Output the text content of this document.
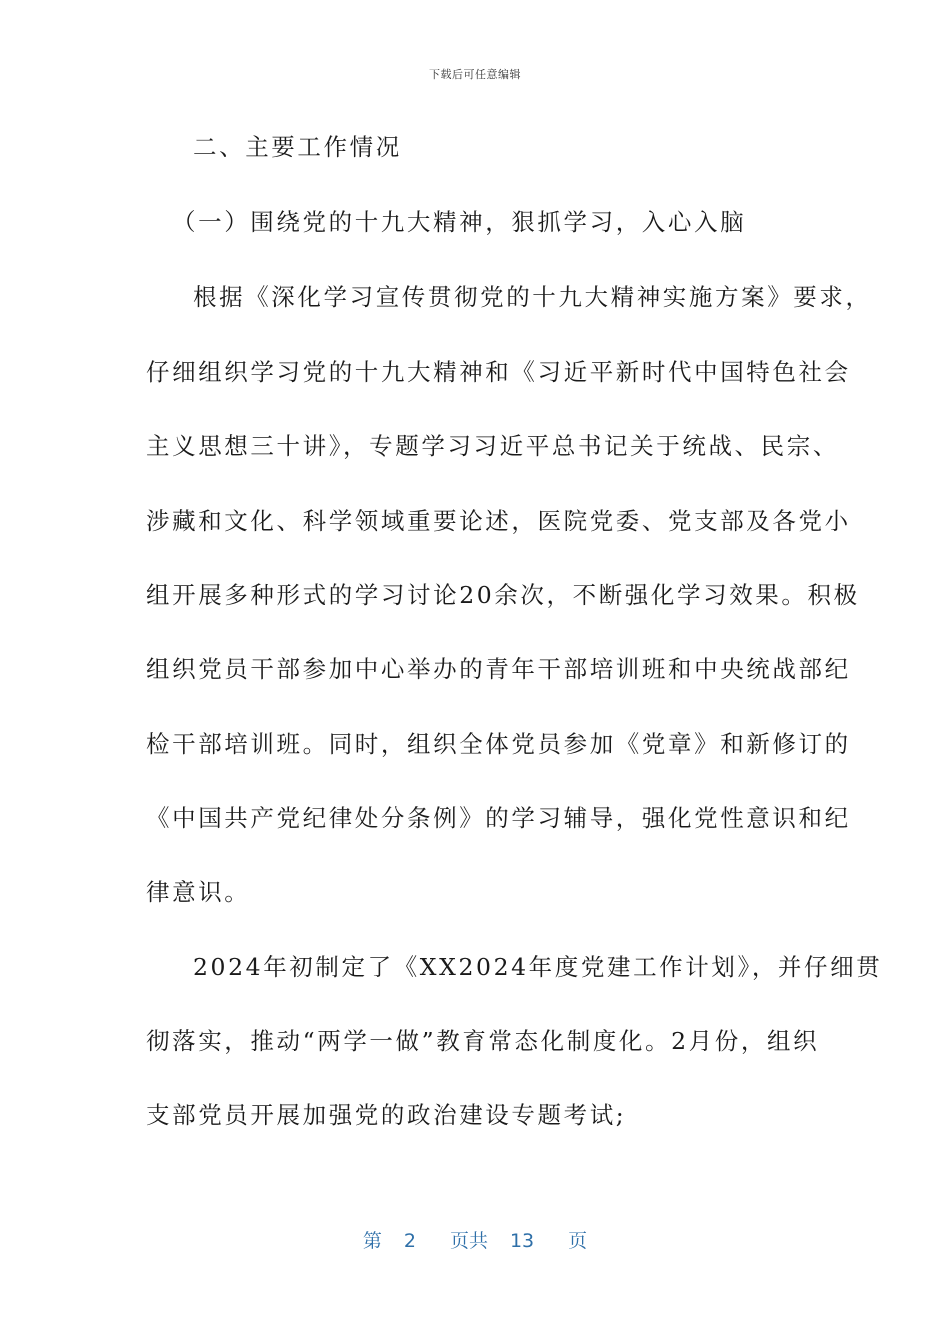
下载后可任意编辑
二、主要工作情况
（一）围绕党的十九大精神，狠抓学习，入心入脑
根据《深化学习宣传贯彻党的十九大精神实施方案》要求，
仔细组织学习党的十九大精神和《习近平新时代中国特色社会
主义思想三十讲》，专题学习习近平总书记关于统战、民宗、
涉藏和文化、科学领域重要论述，医院党委、党支部及各党小
组开展多种形式的学习讨论20余次，不断强化学习效果。积极
组织党员干部参加中心举办的青年干部培训班和中央统战部纪
检干部培训班。同时，组织全体党员参加《党章》和新修订的
《中国共产党纪律处分条例》的学习辅导，强化党性意识和纪
律意识。
2024年初制定了《XX2024年度党建工作计划》，并仔细贯
彻落实，推动“两学一做”教育常态化制度化。2月份，组织
支部党员开展加强党的政治建设专题考试;
第 2 页共 13 页
